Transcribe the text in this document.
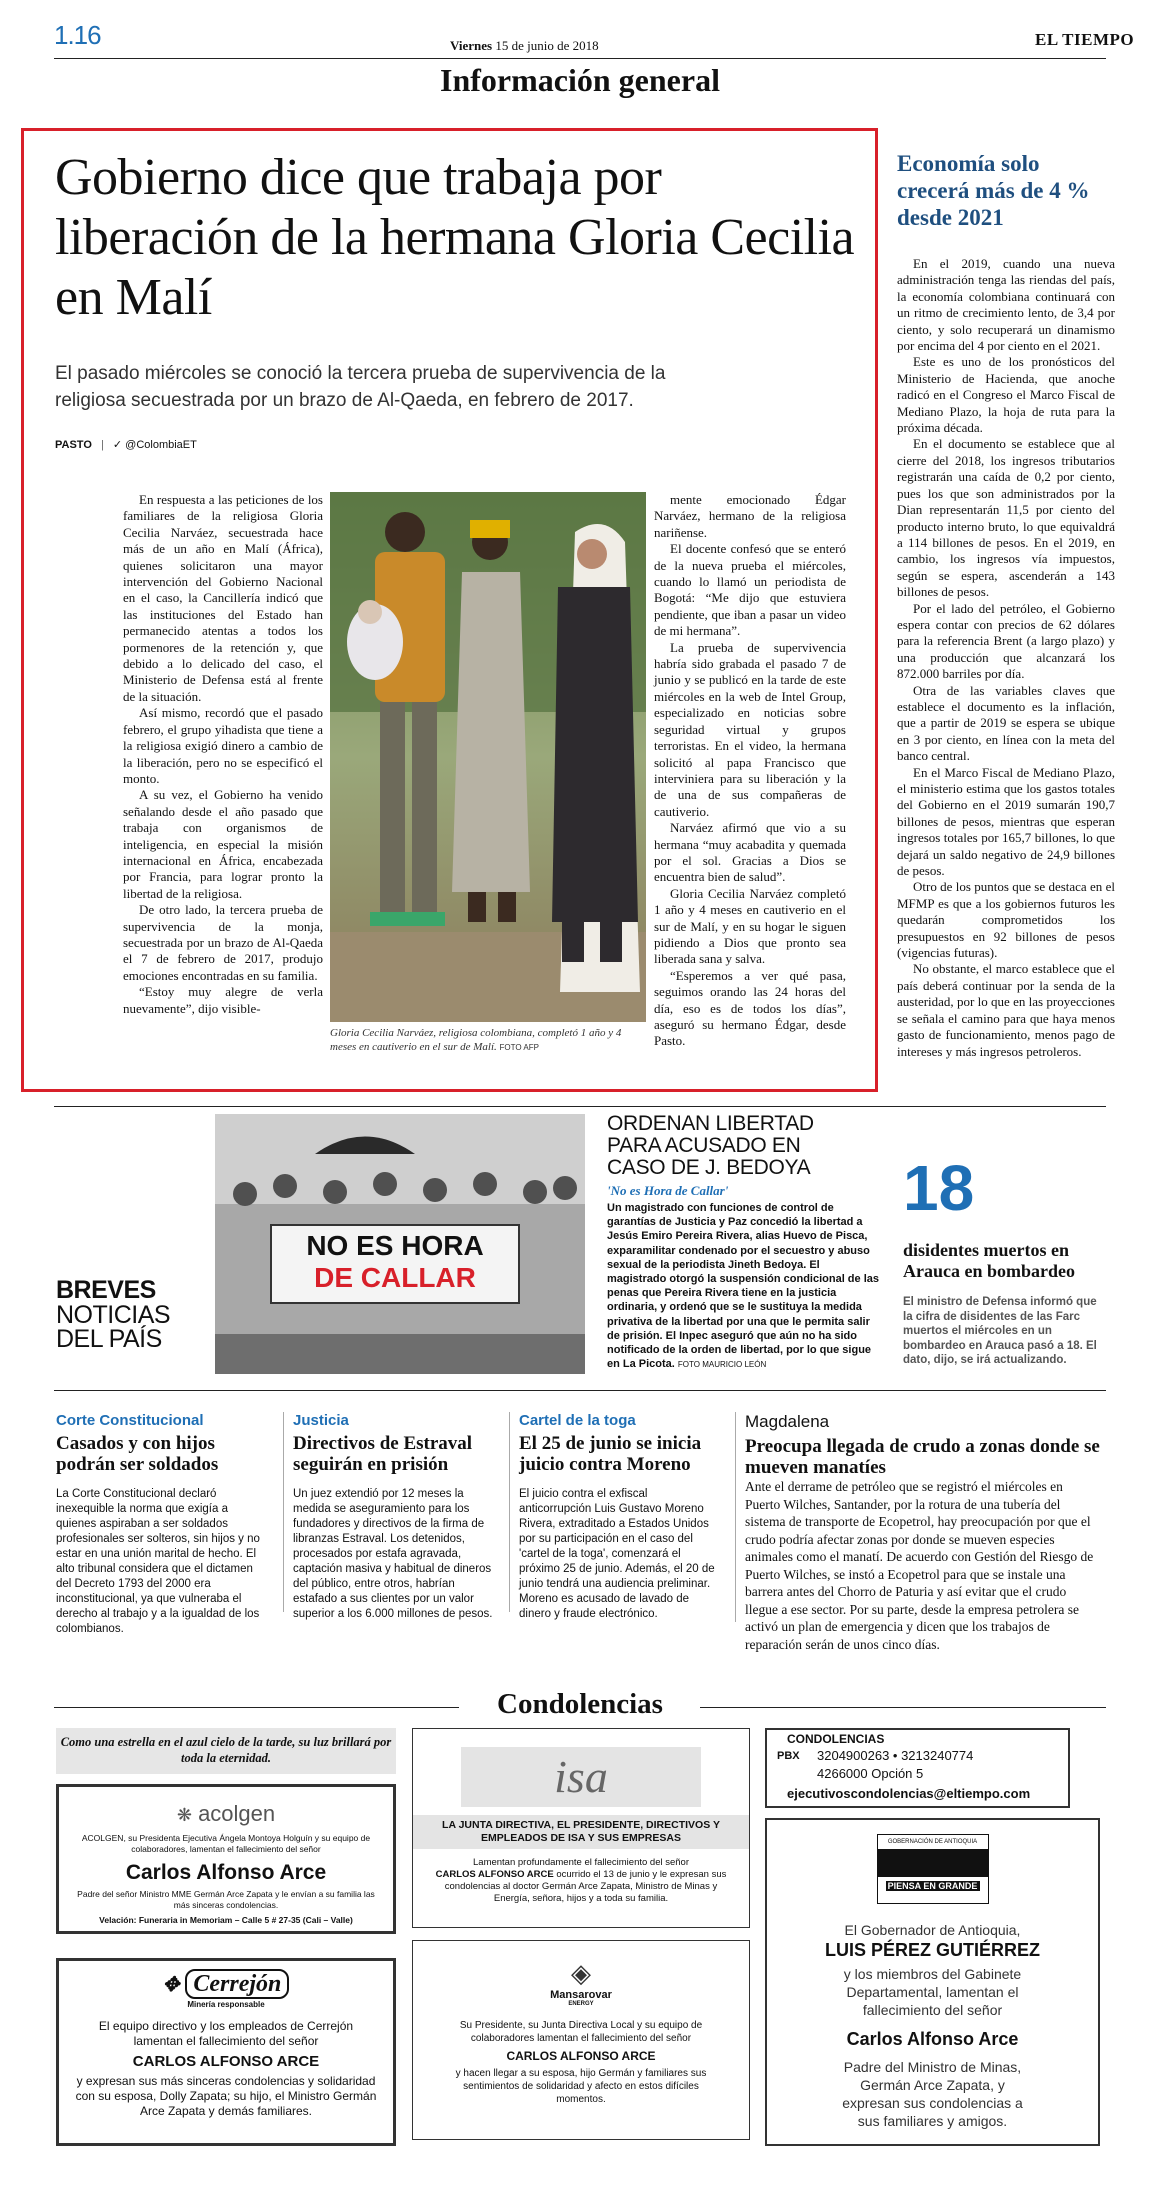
1.16	Viernes 15 de junio de 2018	EL TIEMPO
Información general
Gobierno dice que trabaja por liberación de la hermana Gloria Cecilia en Malí
El pasado miércoles se conoció la tercera prueba de supervivencia de la religiosa secuestrada por un brazo de Al-Qaeda, en febrero de 2017.
PASTO | ✓ @ColombiaET

En respuesta a las peticiones de los familiares de la religiosa Gloria Cecilia Narváez, secuestrada hace más de un año en Malí (África), quienes solicitaron una mayor intervención del Gobierno Nacional en el caso, la Cancillería indicó que las instituciones del Estado han permanecido atentas a todos los pormenores de la retención y, que debido a lo delicado del caso, el Ministerio de Defensa está al frente de la situación.

Así mismo, recordó que el pasado febrero, el grupo yihadista que tiene a la religiosa exigió dinero a cambio de la liberación, pero no se especificó el monto.

A su vez, el Gobierno ha venido señalando desde el año pasado que trabaja con organismos de inteligencia, en especial la misión internacional en África, encabezada por Francia, para lograr pronto la libertad de la religiosa.

De otro lado, la tercera prueba de supervivencia de la monja, secuestrada por un brazo de Al-Qaeda el 7 de febrero de 2017, produjo emociones encontradas en su familia.

“Estoy muy alegre de verla nuevamente”, dijo visible-

Gloria Cecilia Narváez, religiosa colombiana, completó 1 año y 4 meses en cautiverio en el sur de Malí. FOTO AFP

mente emocionado Édgar Narváez, hermano de la religiosa nariñense.

El docente confesó que se enteró de la nueva prueba el miércoles, cuando lo llamó un periodista de Bogotá: “Me dijo que estuviera pendiente, que iban a pasar un video de mi hermana”.

La prueba de supervivencia habría sido grabada el pasado 7 de junio y se publicó en la tarde de este miércoles en la web de Intel Group, especializado en noticias sobre seguridad virtual y grupos terroristas. En el video, la hermana solicitó al papa Francisco que interviniera para su liberación y la de una de sus compañeras de cautiverio.

Narváez afirmó que vio a su hermana “muy acabadita y quemada por el sol. Gracias a Dios se encuentra bien de salud”.

Gloria Cecilia Narváez completó 1 año y 4 meses en cautiverio en el sur de Malí, y en su hogar le siguen pidiendo a Dios que pronto sea liberada sana y salva.

“Esperemos a ver qué pasa, seguimos orando las 24 horas del día, eso es de todos los días”, aseguró su hermano Édgar, desde Pasto.

Economía solo crecerá más de 4 % desde 2021

En el 2019, cuando una nueva administración tenga las riendas del país, la economía colombiana continuará con un ritmo de crecimiento lento, de 3,4 por ciento, y solo recuperará un dinamismo por encima del 4 por ciento en el 2021.

Este es uno de los pronósticos del Ministerio de Hacienda, que anoche radicó en el Congreso el Marco Fiscal de Mediano Plazo, la hoja de ruta para la próxima década.

En el documento se establece que al cierre del 2018, los ingresos tributarios registrarán una caída de 0,2 por ciento, pues los que son administrados por la Dian representarán 11,5 por ciento del producto interno bruto, lo que equivaldrá a 114 billones de pesos. En el 2019, en cambio, los ingresos vía impuestos, según se espera, ascenderán a 143 billones de pesos.

Por el lado del petróleo, el Gobierno espera contar con precios de 62 dólares para la referencia Brent (a largo plazo) y una producción que alcanzará los 872.000 barriles por día.

Otra de las variables claves que establece el documento es la inflación, que a partir de 2019 se espera se ubique en 3 por ciento, en línea con la meta del banco central.

En el Marco Fiscal de Mediano Plazo, el ministerio estima que los gastos totales del Gobierno en el 2019 sumarán 190,7 billones de pesos, mientras que esperan ingresos totales por 165,7 billones, lo que dejará un saldo negativo de 24,9 billones de pesos.

Otro de los puntos que se destaca en el MFMP es que a los gobiernos futuros les quedarán comprometidos los presupuestos en 92 billones de pesos (vigencias futuras).

No obstante, el marco establece que el país deberá continuar por la senda de la austeridad, por lo que en las proyecciones se señala el camino para que haya menos gasto de funcionamiento, menos pago de intereses y más ingresos petroleros.

NO ES HORA
DE CALLAR
BREVES
NOTICIAS
DEL PAÍS
ORDENAN LIBERTAD PARA ACUSADO EN CASO DE J. BEDOYA
'No es Hora de Callar'
Un magistrado con funciones de control de garantías de Justicia y Paz concedió la libertad a Jesús Emiro Pereira Rivera, alias Huevo de Pisca, exparamilitar condenado por el secuestro y abuso sexual de la periodista Jineth Bedoya. El magistrado otorgó la suspensión condicional de las penas que Pereira Rivera tiene en la justicia ordinaria, y ordenó que se le sustituya la medida privativa de la libertad por una que le permita salir de prisión. El Inpec aseguró que aún no ha sido notificado de la orden de libertad, por lo que sigue en La Picota. FOTO MAURICIO LEÓN
18
disidentes muertos en Arauca en bombardeo
El ministro de Defensa informó que la cifra de disidentes de las Farc muertos el miércoles en un bombardeo en Arauca pasó a 18. El dato, dijo, se irá actualizando.
Corte Constitucional
Casados y con hijos podrán ser soldados
La Corte Constitucional declaró inexequible la norma que exigía a quienes aspiraban a ser soldados profesionales ser solteros, sin hijos y no estar en una unión marital de hecho. El alto tribunal considera que el dictamen del Decreto 1793 del 2000 era inconstitucional, ya que vulneraba el derecho al trabajo y a la igualdad de los colombianos.
Justicia
Directivos de Estraval seguirán en prisión
Un juez extendió por 12 meses la medida se aseguramiento para los fundadores y directivos de la firma de libranzas Estraval. Los detenidos, procesados por estafa agravada, captación masiva y habitual de dineros del público, entre otros, habrían estafado a sus clientes por un valor superior a los 6.000 millones de pesos.
Cartel de la toga
El 25 de junio se inicia juicio contra Moreno
El juicio contra el exfiscal anticorrupción Luis Gustavo Moreno Rivera, extraditado a Estados Unidos por su participación en el caso del 'cartel de la toga', comenzará el próximo 25 de junio. Además, el 20 de junio tendrá una audiencia preliminar. Moreno es acusado de lavado de dinero y fraude electrónico.
Magdalena
Preocupa llegada de crudo a zonas donde se mueven manatíes
Ante el derrame de petróleo que se registró el miércoles en Puerto Wilches, Santander, por la rotura de una tubería del sistema de transporte de Ecopetrol, hay preocupación por que el crudo podría afectar zonas por donde se mueven especies animales como el manatí. De acuerdo con Gestión del Riesgo de Puerto Wilches, se instó a Ecopetrol para que se instale una barrera antes del Chorro de Paturia y así evitar que el crudo llegue a ese sector. Por su parte, desde la empresa petrolera se activó un plan de emergencia y dicen que los trabajos de reparación serán de unos cinco días.
Condolencias
CONDOLENCIAS
PBX 3204900263 • 3213240774
4266000 Opción 5
ejecutivoscondolencias@eltiempo.com
Como una estrella en el azul cielo de la tarde, su luz brillará por toda la eternidad.
❋ acolgen
ACOLGEN, su Presidenta Ejecutiva Ángela Montoya Holguín y su equipo de colaboradores, lamentan el fallecimiento del señor
Carlos Alfonso Arce
Padre del señor Ministro MME Germán Arce Zapata y le envían a su familia las más sinceras condolencias.
Velación: Funeraria in Memoriam – Calle 5 # 27-35 (Cali – Valle)
✥ Cerrejón
Minería responsable
El equipo directivo y los empleados de Cerrejón lamentan el fallecimiento del señor
CARLOS ALFONSO ARCE
y expresan sus más sinceras condolencias y solidaridad con su esposa, Dolly Zapata; su hijo, el Ministro Germán Arce Zapata y demás familiares.
isa
LA JUNTA DIRECTIVA, EL PRESIDENTE, DIRECTIVOS Y EMPLEADOS DE ISA Y SUS EMPRESAS
Lamentan profundamente el fallecimiento del señor
CARLOS ALFONSO ARCE ocurrido el 13 de junio y le expresan sus condolencias al doctor Germán Arce Zapata, Ministro de Minas y Energía, señora, hijos y a toda su familia.
◈
Mansarovar
ENERGY
Su Presidente, su Junta Directiva Local y su equipo de colaboradores lamentan el fallecimiento del señor
CARLOS ALFONSO ARCE
y hacen llegar a su esposa, hijo Germán y familiares sus sentimientos de solidaridad y afecto en estos difíciles momentos.
GOBERNACIÓN DE ANTIOQUIA
PIENSA EN GRANDE
El Gobernador de Antioquia,
LUIS PÉREZ GUTIÉRREZ
y los miembros del Gabinete Departamental, lamentan el fallecimiento del señor
Carlos Alfonso Arce
Padre del Ministro de Minas, Germán Arce Zapata, y expresan sus condolencias a sus familiares y amigos.
